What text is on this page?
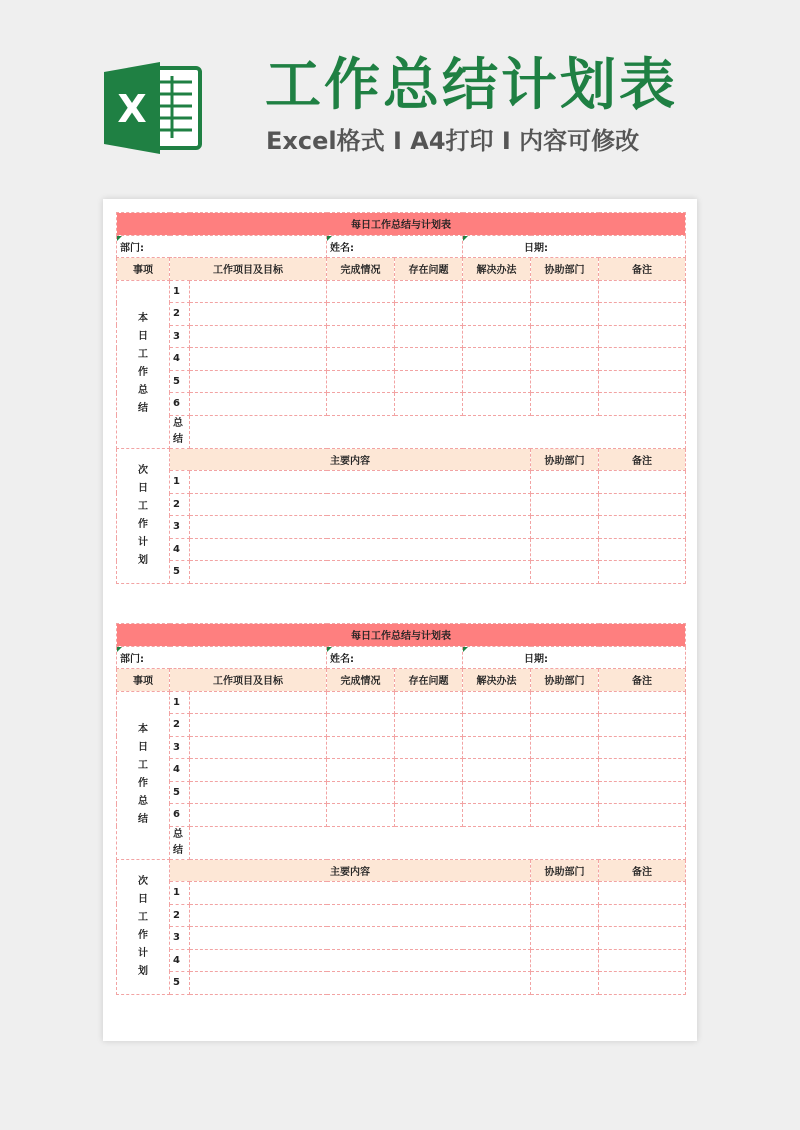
X 工作总结计划表
Excel格式 Ⅰ A4打印 Ⅰ 内容可修改
每日工作总结与计划表							
部门:			姓名:		日期:		
事项	工作项目及目标		完成情况	存在问题	解决办法	协助部门	备注

本日工作总结	1						
	2						
	3						
	4						
	5						
	6						

	总结						

次日工作计划	主要内容					协助部门	备注
	1						
	2						
	3						
	4						
	5						
每日工作总结与计划表							
部门:			姓名:		日期:		
事项	工作项目及目标		完成情况	存在问题	解决办法	协助部门	备注

本日工作总结	1						
	2						
	3						
	4						
	5						
	6						

	总结						

次日工作计划	主要内容					协助部门	备注
	1						
	2						
	3						
	4						
	5						
